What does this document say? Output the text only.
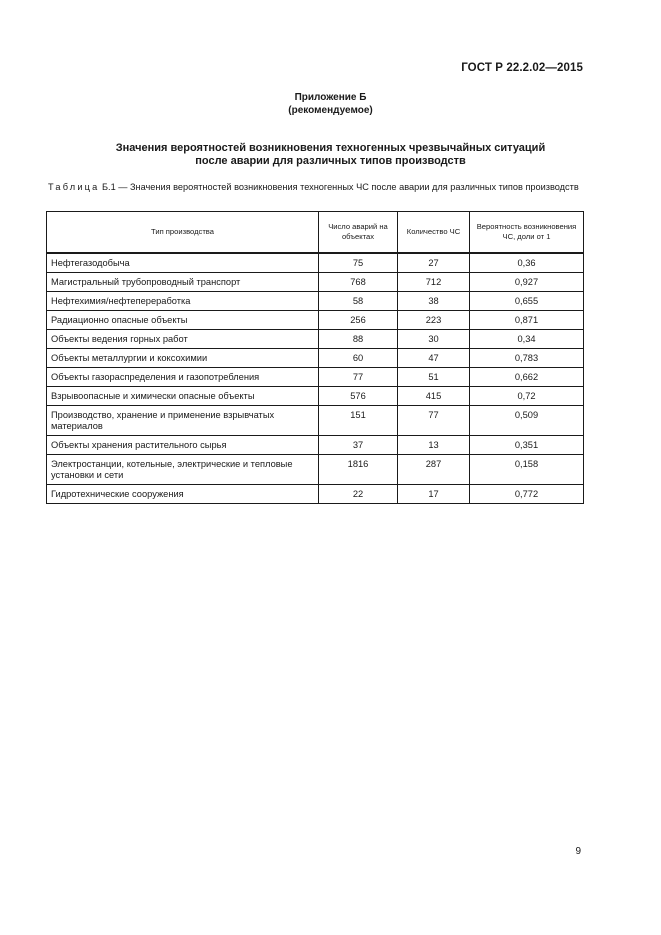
ГОСТ Р 22.2.02—2015
Приложение Б
(рекомендуемое)
Значения вероятностей возникновения техногенных чрезвычайных ситуаций
после аварии для различных типов производств
Таблица Б.1 — Значения вероятностей возникновения техногенных ЧС после аварии для различных типов производств
Тип производства	Число аварий на объектах	Количество ЧС	Вероятность возникновения ЧС, доли от 1
Нефтегазодобыча	75	27	0,36
Магистральный трубопроводный транспорт	768	712	0,927
Нефтехимия/нефтепереработка	58	38	0,655
Радиационно опасные объекты	256	223	0,871
Объекты ведения горных работ	88	30	0,34
Объекты металлургии и коксохимии	60	47	0,783
Объекты газораспределения и газопотребления	77	51	0,662
Взрывоопасные и химически опасные объекты	576	415	0,72
Производство, хранение и применение взрывчатых материалов	151	77	0,509
Объекты хранения растительного сырья	37	13	0,351
Электростанции, котельные, электрические и тепловые установки и сети	1816	287	0,158
Гидротехнические сооружения	22	17	0,772
9
